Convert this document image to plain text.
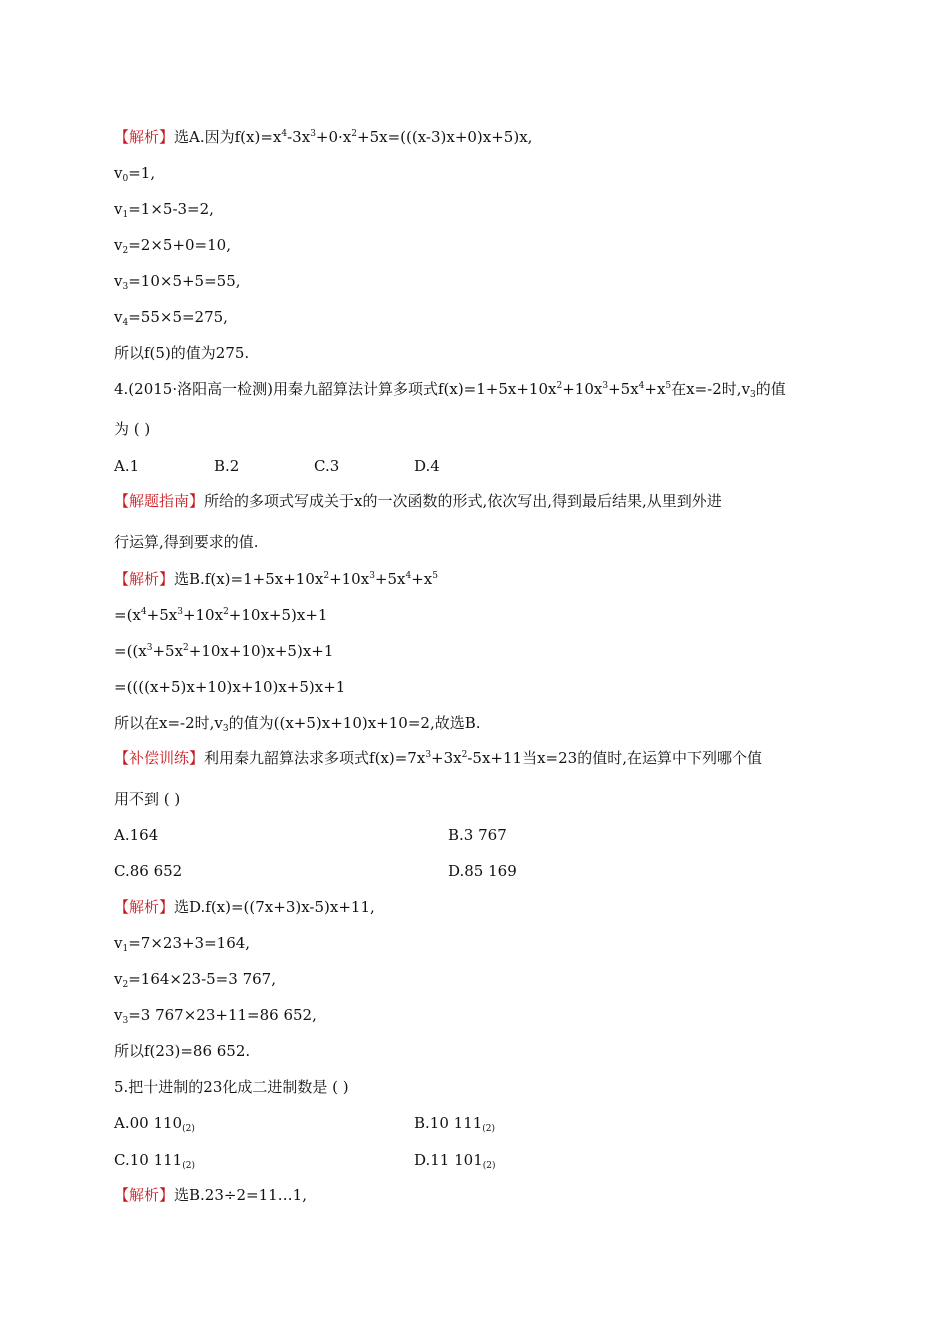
【解析】选A.因为$f(x)=x^4-3x^3+0\cdot x^2+5x=(((x-3)x+0)x+5)x$,
$v_0=1$,
$v_1=1\times 5-3=2$,
$v_2=2\times 5+0=10$,
$v_3=10\times 5+5=55$,
$v_4=55\times 5=275$,
所以f(5)的值为275.
4.(2015·洛阳高一检测)用秦九韶算法计算多项式$f(x)=1+5x+10x^2+10x^3+5x^4+x^5$在x=-2时$,v_3$的值
为 ( )
A.1	B.2	C.3	D.4
【解题指南】所给的多项式写成关于x的一次函数的形式,依次写出,得到最后结果,从里到外进
行运算,得到要求的值.
【解析】选$B.f(x)=1+5x+10x^2+10x^3+5x^4+x^5$
$=(x^4+5x^3+10x^2+10x+5)x+1$
$=((x^3+5x^2+10x+10)x+5)x+1$
=((((x+5)x+10)x+10)x+5)x+1
所以在x=-2时$,v_3$的值为((x+5)x+10)x+10=2,故选B.
【补偿训练】利用秦九韶算法求多项式$f(x)=7x^3+3x^2-5x+11$当x=23的值时,在运算中下列哪个值
用不到 ( )
A.164	B.3 767
C.86 652	D.85 169
【解析】选D.f(x)=((7x+3)x-5)x+11,
$v_1=7\times 23+3=164$,
$v_2=164\times 23-5=3$ 767,
$v_3=3$ 767×23+11=86 652,
所以f(23)=86 652.
5.把十进制的23化成二进制数是 ( )
A.00 $110_{(2)}$	B.10 $111_{(2)}$
C.10 $111_{(2)}$	D.11 $101_{(2)}$
【解析】选B.23÷2=11…1,
